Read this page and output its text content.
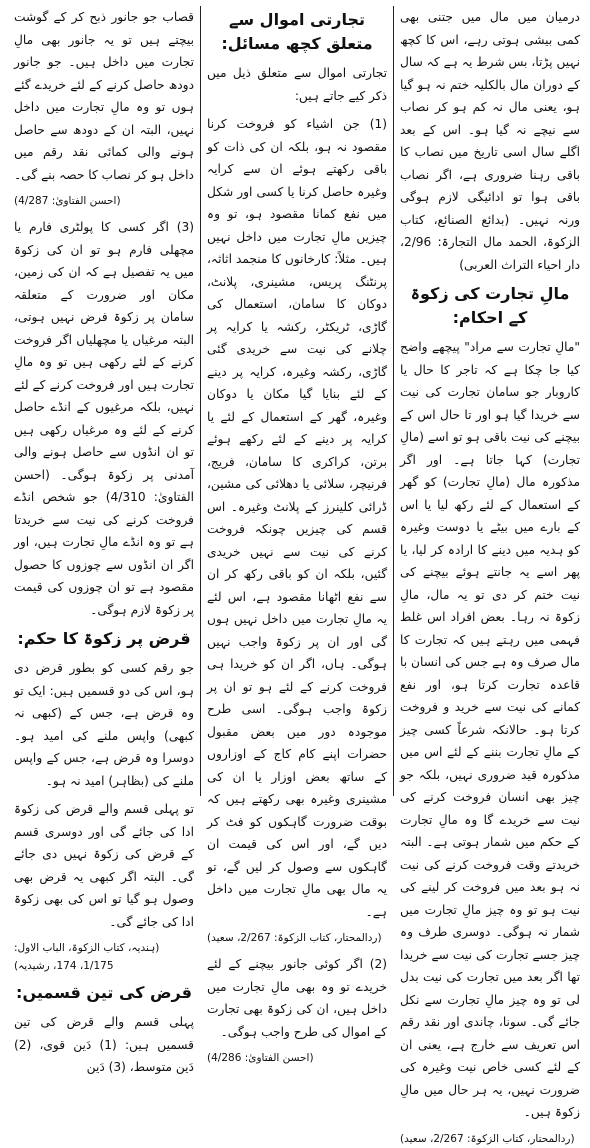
درمیان میں مال میں جتنی بھی کمی بیشی ہوتی رہے، اس کا کچھ نہیں پڑتا، بس شرط یہ ہے کہ سال کے دوران مال بالکلیہ ختم نہ ہو گیا ہو، یعنی مال نہ کم ہو کر نصاب سے نیچے نہ گیا ہو۔ اس کے بعد اگلے سال اسی تاریخ میں نصاب کا باقی رہنا ضروری ہے، اگر نصاب باقی ہوا تو ادائیگی لازم ہوگی ورنہ نہیں۔ (بدائع الصنائع، کتاب الزکوۃ، الحمد مال التجارۃ: 2/96، دار احیاء التراث العربی)

مالِ تجارت کی زکوۃ کے احکام:

"مالِ تجارت سے مراد" پیچھے واضح کیا جا چکا ہے کہ تاجر کا حال یا کاروبار جو سامان تجارت کی نیت سے خریدا گیا ہو اور تا حال اس کے بیچنے کی نیت باقی ہو تو اسے (مالِ تجارت) کہا جاتا ہے۔ اور اگر مذکورہ مال (مالِ تجارت) کو گھر کے استعمال کے لئے رکھ لیا یا اس کے بارے میں بیٹے یا دوست وغیرہ کو ہدیہ میں دینے کا ارادہ کر لیا، یا پھر اسے یہ جانتے ہوئے بیچنے کی نیت ختم کر دی تو یہ مال، مالِ زکوۃ نہ رہا۔ بعض افراد اس غلط فہمی میں رہتے ہیں کہ تجارت کا مال صرف وہ ہے جس کی انسان با قاعدہ تجارت کرتا ہو، اور نفع کمانے کی نیت سے خرید و فروخت کرتا ہو۔ حالانکہ شرعاً کسی چیز کے مالِ تجارت بننے کے لئے اس میں مذکورہ قید ضروری نہیں، بلکہ جو چیز بھی انسان فروخت کرنے کی نیت سے خریدے گا وہ مالِ تجارت کے حکم میں شمار ہوتی ہے۔ البتہ خریدتے وقت فروخت کرنے کی نیت نہ ہو بعد میں فروخت کر لینے کی نیت ہو تو وہ چیز مالِ تجارت میں شمار نہ ہوگی۔ دوسری طرف وہ چیز جسے تجارت کی نیت سے خریدا تھا اگر بعد میں تجارت کی نیت بدل لی تو وہ چیز مالِ تجارت سے نکل جائے گی۔ سونا، چاندی اور نقد رقم اس تعریف سے خارج ہے، یعنی ان کے لئے کسی خاص نیت وغیرہ کی ضرورت نہیں، یہ ہر حال میں مالِ زکوۃ ہیں۔

(ردالمحتار، کتاب الزکوۃ: 2/267، سعید)
تجارتی اموال سے متعلق کچھ مسائل:

تجارتی اموال سے متعلق ذیل میں ذکر کیے جاتے ہیں:

(1) جن اشیاء کو فروخت کرنا مقصود نہ ہو، بلکہ ان کی ذات کو باقی رکھتے ہوئے ان سے کرایہ وغیرہ حاصل کرنا یا کسی اور شکل میں نفع کمانا مقصود ہو، تو وہ چیزیں مالِ تجارت میں داخل نہیں ہیں۔ مثلاً: کارخانوں کا منجمد اثاثہ، پرنٹنگ پریس، مشینری، پلانٹ، دوکان کا سامان، استعمال کی گاڑی، ٹریکٹر، رکشہ یا کرایہ پر چلانے کی نیت سے خریدی گئی گاڑی، رکشہ وغیرہ، کرایہ پر دینے کے لئے بنایا گیا مکان یا دوکان وغیرہ، گھر کے استعمال کے لئے یا کرایہ پر دینے کے لئے رکھے ہوئے برتن، کراکری کا سامان، فریج، فرنیچر، سلائی یا دھلائی کی مشین، ڈرائی کلینرز کے پلانٹ وغیرہ۔ اس قسم کی چیزیں چونکہ فروخت کرنے کی نیت سے نہیں خریدی گئیں، بلکہ ان کو باقی رکھ کر ان سے نفع اٹھانا مقصود ہے، اس لئے یہ مالِ تجارت میں داخل نہیں ہوں گی اور ان پر زکوۃ واجب نہیں ہوگی۔ ہاں، اگر ان کو خریدا ہی فروخت کرنے کے لئے ہو تو ان پر زکوۃ واجب ہوگی۔ اسی طرح موجودہ دور میں بعض مقبول حضرات اپنے کام کاج کے اوزاروں کے ساتھ بعض اوزار یا ان کی مشینری وغیرہ بھی رکھتے ہیں کہ بوقت ضرورت گاہکوں کو فٹ کر دیں گے، اور اس کی قیمت ان گاہکوں سے وصول کر لیں گے، تو یہ مال بھی مالِ تجارت میں داخل ہے۔

(ردالمحتار، کتاب الزکوۃ: 2/267، سعید)

(2) اگر کوئی جانور بیچنے کے لئے خریدے تو وہ بھی مالِ تجارت میں داخل ہیں، ان کی زکوۃ بھی تجارت کے اموال کی طرح واجب ہوگی۔

(احسن الفتاویٰ: 4/286)

قصاب جو جانور ذبح کر کے گوشت بیچتے ہیں تو یہ جانور بھی مالِ تجارت میں داخل ہیں۔ جو جانور دودھ حاصل کرنے کے لئے خریدے گئے ہوں تو وہ مالِ تجارت میں داخل نہیں، البتہ ان کے دودھ سے حاصل ہونے والی کمائی نقد رقم میں داخل ہو کر نصاب کا حصہ بنے گی۔

(احسن الفتاویٰ: 4/287)

(3) اگر کسی کا پولٹری فارم یا مچھلی فارم ہو تو ان کی زکوۃ میں یہ تفصیل ہے کہ ان کی زمین، مکان اور ضرورت کے متعلقہ سامان پر زکوۃ فرض نہیں ہوتی، البتہ مرغیاں یا مچھلیاں اگر فروخت کرنے کے لئے رکھی ہیں تو وہ مالِ تجارت ہیں اور فروخت کرنے کے لئے نہیں، بلکہ مرغیوں کے انڈے حاصل کرنے کے لئے وہ مرغیاں رکھی ہیں تو ان انڈوں سے حاصل ہونے والی آمدنی پر زکوۃ ہوگی۔ (احسن الفتاویٰ: 4/310) جو شخص انڈے فروخت کرنے کی نیت سے خریدتا ہے تو وہ انڈے مالِ تجارت ہیں، اور اگر ان انڈوں سے چوزوں کا حصول مقصود ہے تو ان چوزوں کی قیمت پر زکوۃ لازم ہوگی۔

قرض پر زکوۃ کا حکم:

جو رقم کسی کو بطور قرض دی ہو، اس کی دو قسمیں ہیں: ایک تو وہ قرض ہے، جس کے (کبھی نہ کبھی) واپس ملنے کی امید ہو۔ دوسرا وہ قرض ہے، جس کے واپس ملنے کی (بظاہر) امید نہ ہو۔

تو پہلی قسم والے قرض کی زکوۃ ادا کی جائے گی اور دوسری قسم کے قرض کی زکوۃ نہیں دی جائے گی۔ البتہ اگر کبھی یہ قرض بھی وصول ہو گیا تو اس کی بھی زکوۃ ادا کی جائے گی۔

(ہندیہ، کتاب الزکوۃ، الباب الاول: 1/175، 174، رشیدیہ)
قرض کی تین قسمیں:

پہلی قسم والے قرض کی تین قسمیں ہیں: (1) دَین قوی، (2) دَین متوسط، (3) دَین
